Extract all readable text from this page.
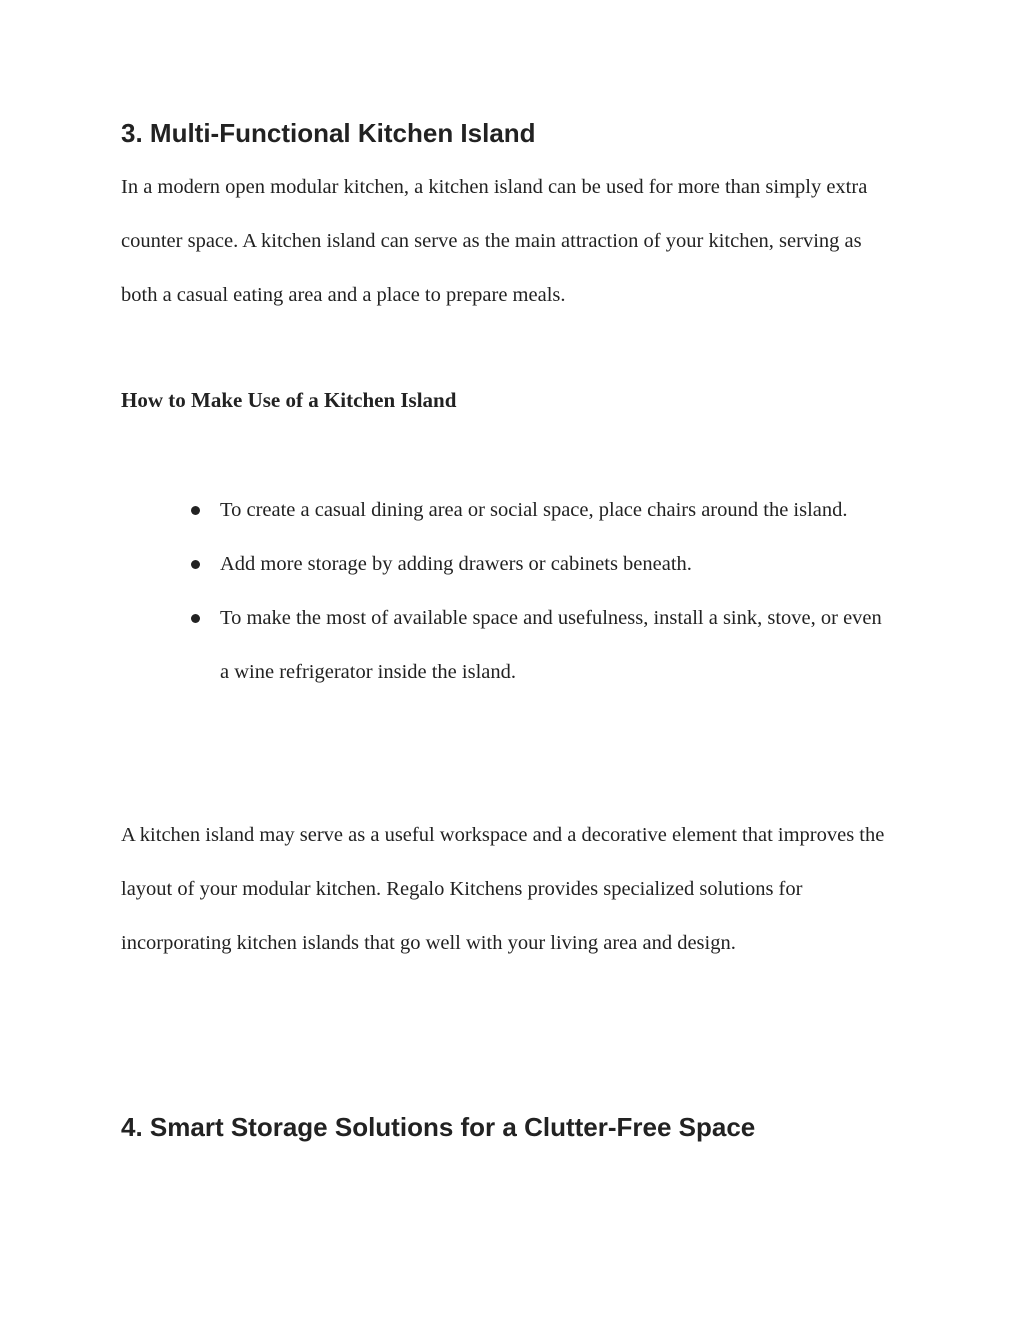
3. Multi-Functional Kitchen Island

In a modern open modular kitchen, a kitchen island can be used for more than simply extra counter space. A kitchen island can serve as the main attraction of your kitchen, serving as both a casual eating area and a place to prepare meals.

How to Make Use of a Kitchen Island
To create a casual dining area or social space, place chairs around the island.
Add more storage by adding drawers or cabinets beneath.
To make the most of available space and usefulness, install a sink, stove, or even a wine refrigerator inside the island.

A kitchen island may serve as a useful workspace and a decorative element that improves the layout of your modular kitchen. Regalo Kitchens provides specialized solutions for incorporating kitchen islands that go well with your living area and design.

4. Smart Storage Solutions for a Clutter-Free Space
